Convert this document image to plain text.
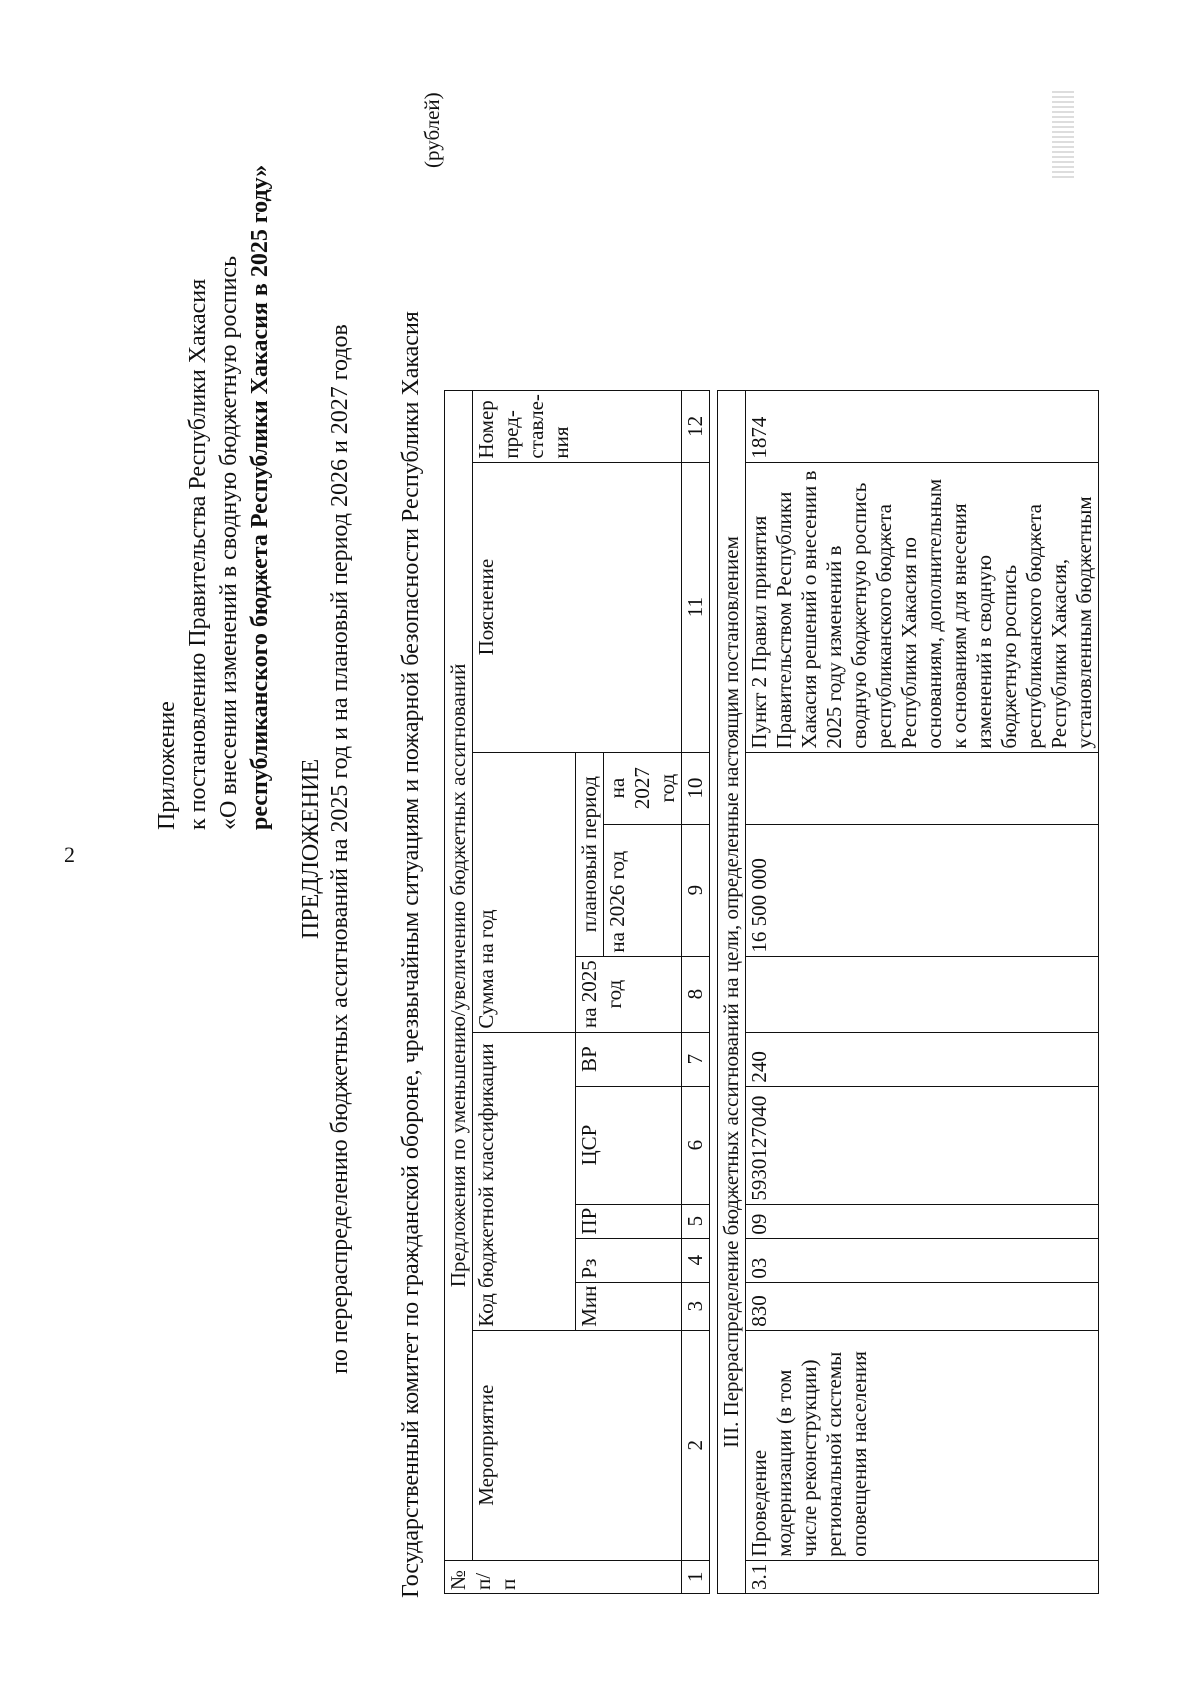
2
Приложение к постановлению Правительства Республики Хакасия «О внесении изменений в сводную бюджетную роспись республиканского бюджета Республики Хакасия в 2025 году»
ПРЕДЛОЖЕНИЕ по перераспределению бюджетных ассигнований на 2025 год и на плановый период 2026 и 2027 годов Государственный комитет по гражданской обороне, чрезвычайным ситуациям и пожарной безопасности Республики Хакасия
(рублей)
№ п/п	Предложения по уменьшению/увеличению бюджетных ассигнований										
	Мероприятие	Код бюджетной классификации					Сумма на год			Пояснение	Номер пред-ставле-ния
		Мин	Рз	ПР	ЦСР	ВР	на 2025 год	плановый период			
								на 2026 год	на 2027 год		
1	2	3	4	5	6	7	8	9	10	11	12

III. Перераспределение бюджетных ассигнований на цели, определенные настоящим постановлением											
3.1	Проведение модернизации (в том числе реконструкции) региональной системы оповещения населения	830	03	09	5930127040	240		16 500 000		Пункт 2 Правил принятия Правительством Республики Хакасия решений о внесении в 2025 году изменений в сводную бюджетную роспись республиканского бюджета Республики Хакасия по основаниям, дополнительным к основаниям для внесения изменений в сводную бюджетную роспись республиканского бюджета Республики Хакасия, установленным бюджетным	1874
